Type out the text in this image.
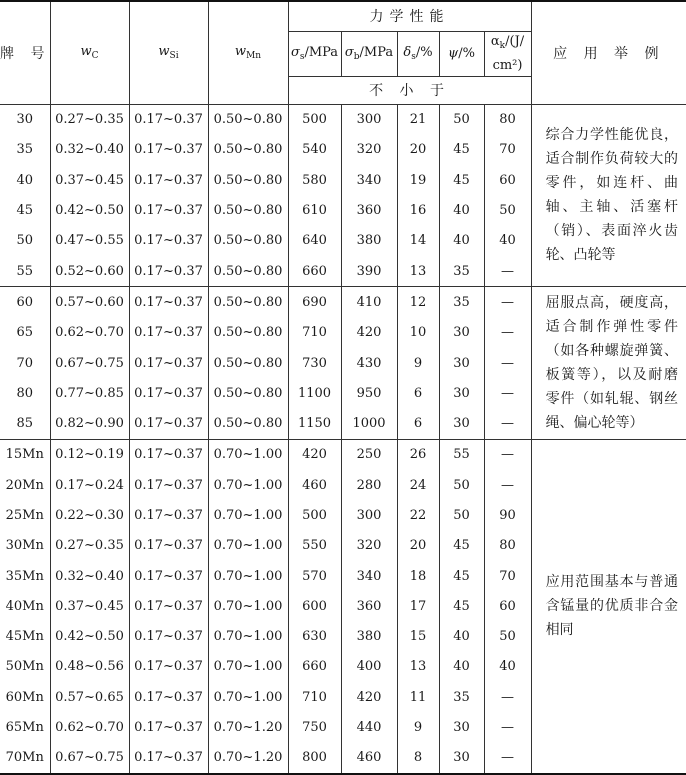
牌 号	$w_C$	$w_{Si}$	$w_{Mn}$	力学性能					应 用 举 例
				$\sigma_s$/MPa	$\sigma_b$/MPa	$\delta_s/\%$	ψ/%	$\alpha_k/(J/$
cm²)	
				不 小 于					
30	0.27~0.35	0.17~0.37	0.50~0.80	500	300	21	50	80	综合力学性能优良，适合制作负荷较大的零件，如连杆、曲轴、主轴、活塞杆（销）、表面淬火齿轮、凸轮等
35	0.32~0.40	0.17~0.37	0.50~0.80	540	320	20	45	70	
40	0.37~0.45	0.17~0.37	0.50~0.80	580	340	19	45	60	
45	0.42~0.50	0.17~0.37	0.50~0.80	610	360	16	40	50	
50	0.47~0.55	0.17~0.37	0.50~0.80	640	380	14	40	40	
55	0.52~0.60	0.17~0.37	0.50~0.80	660	390	13	35	—	
60	0.57~0.60	0.17~0.37	0.50~0.80	690	410	12	35	—	屈服点高，硬度高，适合制作弹性零件（如各种螺旋弹簧、板簧等），以及耐磨零件（如轧辊、钢丝绳、偏心轮等）
65	0.62~0.70	0.17~0.37	0.50~0.80	710	420	10	30	—	
70	0.67~0.75	0.17~0.37	0.50~0.80	730	430	9	30	—	
80	0.77~0.85	0.17~0.37	0.50~0.80	1100	950	6	30	—	
85	0.82~0.90	0.17~0.37	0.50~0.80	1150	1000	6	30	—	
15Mn	0.12~0.19	0.17~0.37	0.70~1.00	420	250	26	55	—	应用范围基本与普通含锰量的优质非合金相同
20Mn	0.17~0.24	0.17~0.37	0.70~1.00	460	280	24	50	—	
25Mn	0.22~0.30	0.17~0.37	0.70~1.00	500	300	22	50	90	
30Mn	0.27~0.35	0.17~0.37	0.70~1.00	550	320	20	45	80	
35Mn	0.32~0.40	0.17~0.37	0.70~1.00	570	340	18	45	70	
40Mn	0.37~0.45	0.17~0.37	0.70~1.00	600	360	17	45	60	
45Mn	0.42~0.50	0.17~0.37	0.70~1.00	630	380	15	40	50	
50Mn	0.48~0.56	0.17~0.37	0.70~1.00	660	400	13	40	40	
60Mn	0.57~0.65	0.17~0.37	0.70~1.00	710	420	11	35	—	
65Mn	0.62~0.70	0.17~0.37	0.70~1.20	750	440	9	30	—	
70Mn	0.67~0.75	0.17~0.37	0.70~1.20	800	460	8	30	—	
